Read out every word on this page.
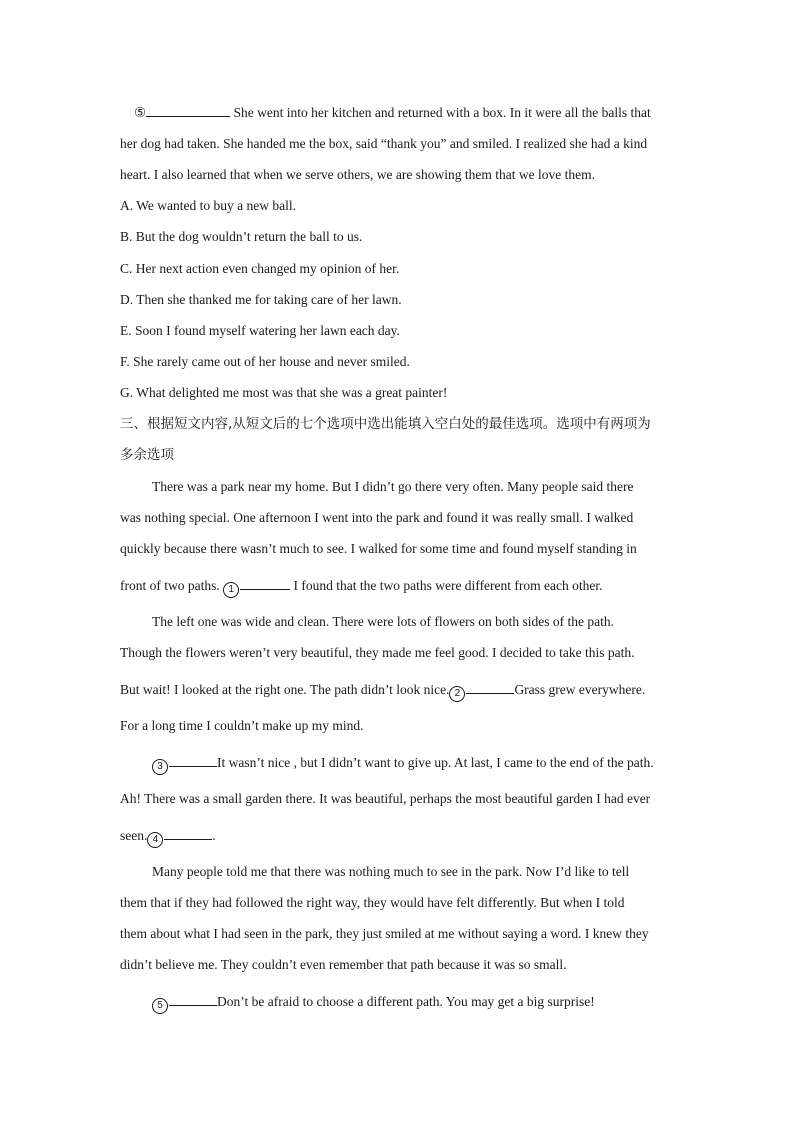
⑤	She went into her kitchen and returned with a box. In it were all the balls that
her dog had taken. She handed me the box, said “thank you” and smiled. I realized she had a kind
heart. I also learned that when we serve others, we are showing them that we love them.
A. We wanted to buy a new ball.
B. But the dog wouldn’t return the ball to us.
C. Her next action even changed my opinion of her.
D. Then she thanked me for taking care of her lawn.
E. Soon I found myself watering her lawn each day.
F. She rarely came out of her house and never smiled.
G. What delighted me most was that she was a great painter!
三、根据短文内容,从短文后的七个选项中选出能填入空白处的最佳选项。选项中有两项为
多余选项
There was a park near my home. But I didn’t go there very often. Many people said there
was nothing special. One afternoon I went into the park and found it was really small. I walked
quickly because there wasn’t much to see. I walked for some time and found myself standing in
front of two paths. 1	I found that the two paths were different from each other.
The left one was wide and clean. There were lots of flowers on both sides of the path.
Though the flowers weren’t very beautiful, they made me feel good. I decided to take this path.
But wait! I looked at the right one. The path didn’t look nice. 2	Grass grew everywhere.
For a long time I couldn’t make up my mind.
3	It wasn’t nice , but I didn’t want to give up. At last, I came to the end of the path.
Ah! There was a small garden there. It was beautiful, perhaps the most beautiful garden I had ever
seen. 4	.
Many people told me that there was nothing much to see in the park. Now I’d like to tell
them that if they had followed the right way, they would have felt differently. But when I told
them about what I had seen in the park, they just smiled at me without saying a word. I knew they
didn’t believe me. They couldn’t even remember that path because it was so small.
5	Don’t be afraid to choose a different path. You may get a big surprise!
